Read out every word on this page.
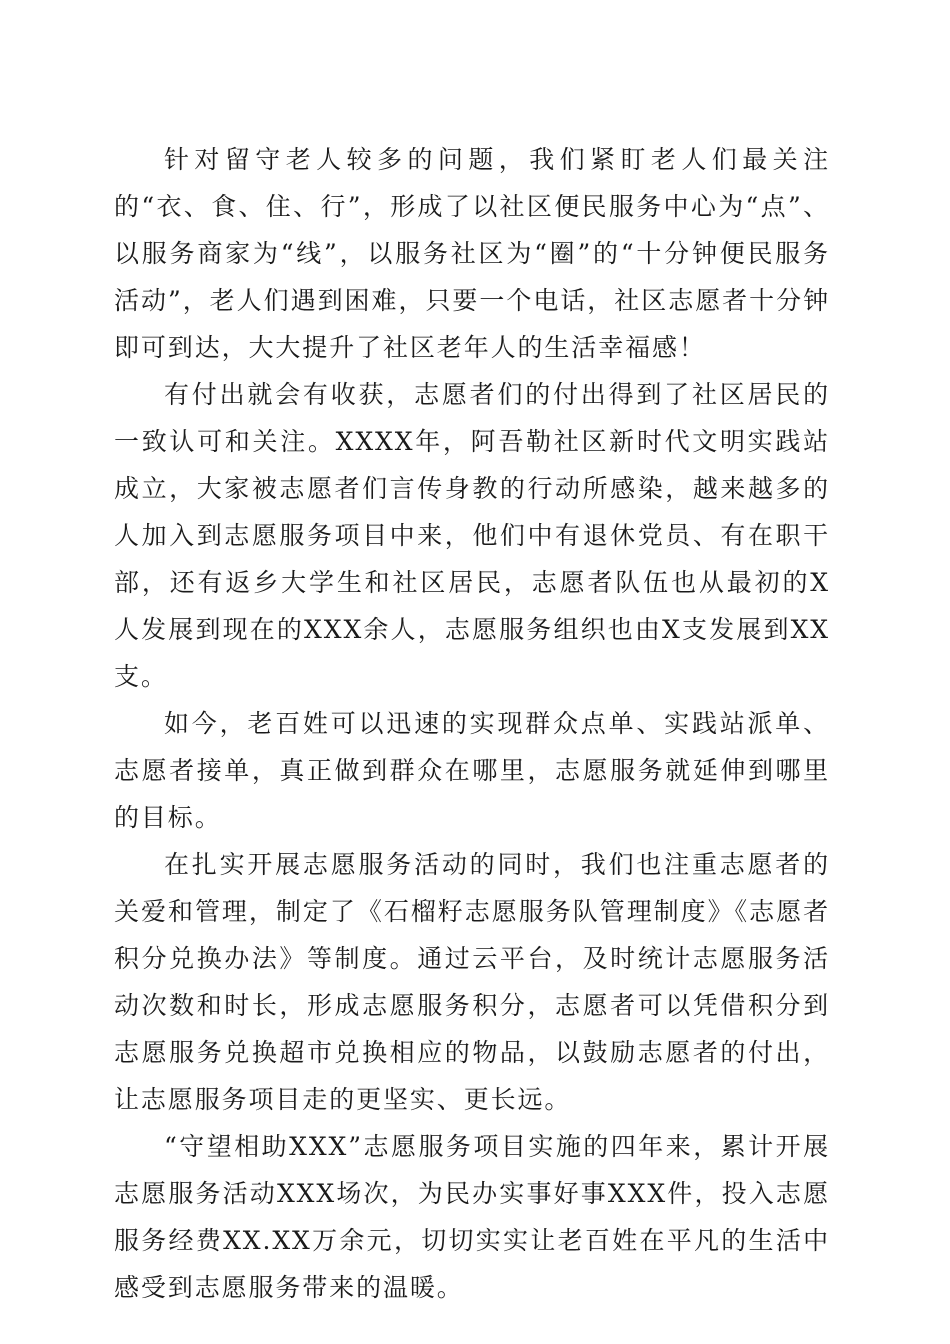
针对留守老人较多的问题，我们紧盯老人们最关注的“衣、食、住、行”，形成了以社区便民服务中心为“点”、以服务商家为“线”，以服务社区为“圈”的“十分钟便民服务活动”，老人们遇到困难，只要一个电话，社区志愿者十分钟即可到达，大大提升了社区老年人的生活幸福感！

有付出就会有收获，志愿者们的付出得到了社区居民的一致认可和关注。XXXX年，阿吾勒社区新时代文明实践站成立，大家被志愿者们言传身教的行动所感染，越来越多的人加入到志愿服务项目中来，他们中有退休党员、有在职干部，还有返乡大学生和社区居民，志愿者队伍也从最初的X人发展到现在的XXX余人，志愿服务组织也由X支发展到XX支。

如今，老百姓可以迅速的实现群众点单、实践站派单、志愿者接单，真正做到群众在哪里，志愿服务就延伸到哪里的目标。

在扎实开展志愿服务活动的同时，我们也注重志愿者的关爱和管理，制定了《石榴籽志愿服务队管理制度》《志愿者积分兑换办法》等制度。通过云平台，及时统计志愿服务活动次数和时长，形成志愿服务积分，志愿者可以凭借积分到志愿服务兑换超市兑换相应的物品，以鼓励志愿者的付出，让志愿服务项目走的更坚实、更长远。

“守望相助XXX”志愿服务项目实施的四年来，累计开展志愿服务活动XXX场次，为民办实事好事XXX件，投入志愿服务经费XX.XX万余元，切切实实让老百姓在平凡的生活中感受到志愿服务带来的温暖。
